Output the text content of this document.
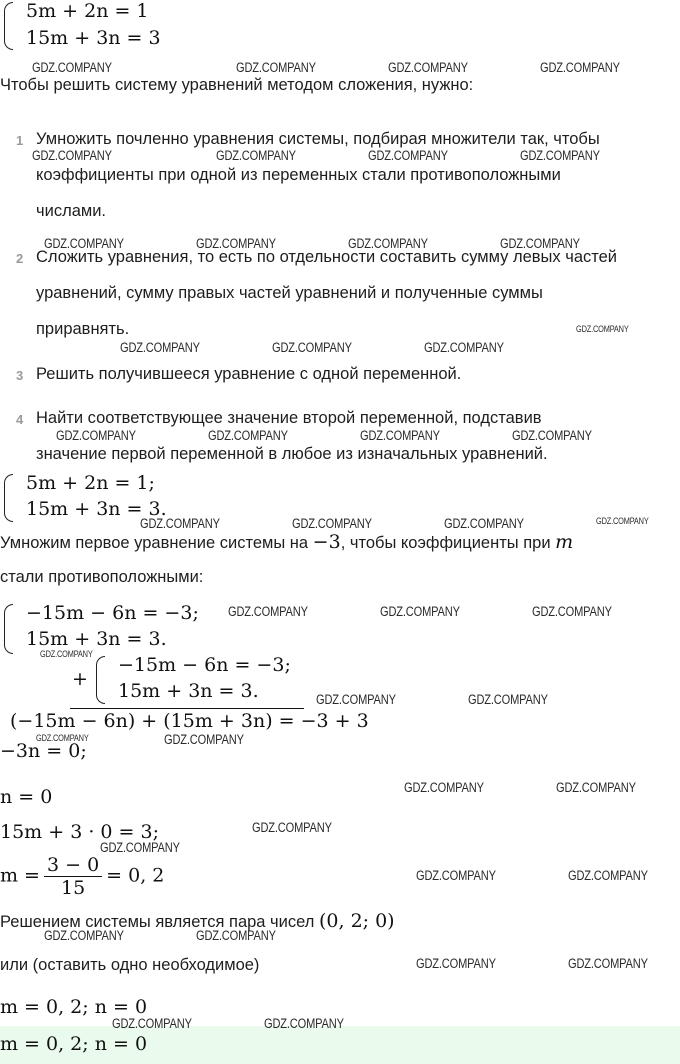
5m + 2n = 1
15m + 3n = 3
Чтобы решить систему уравнений методом сложения, нужно:
1 Умножить почленно уравнения системы, подбирая множители так, чтобы
коэффициенты при одной из переменных стали противоположными
числами.
2 Сложить уравнения, то есть по отдельности составить сумму левых частей
уравнений, сумму правых частей уравнений и полученные суммы
приравнять.
3 Решить получившееся уравнение с одной переменной.
4 Найти соответствующее значение второй переменной, подставив
значение первой переменной в любое из изначальных уравнений.
5m + 2n = 1;
15m + 3n = 3.
Умножим первое уравнение системы на −3, чтобы коэффициенты при m
стали противоположными:
−15m − 6n = −3;
15m + 3n = 3.
+
−15m − 6n = −3;
15m + 3n = 3.
(−15m − 6n) + (15m + 3n) = −3 + 3
−3n = 0;
n = 0
15m + 3 · 0 = 3;
$m = \frac{3 - 0}{15} = 0$, 2
Решением системы является пара чисел (0, 2; 0)
или (оставить одно необходимое)
m = 0, 2; n = 0
m = 0, 2; n = 0
GDZ.COMPANY	GDZ.COMPANY	GDZ.COMPANY	GDZ.COMPANY
GDZ.COMPANY	GDZ.COMPANY	GDZ.COMPANY	GDZ.COMPANY
GDZ.COMPANY	GDZ.COMPANY	GDZ.COMPANY	GDZ.COMPANY
GDZ.COMPANY
GDZ.COMPANY	GDZ.COMPANY	GDZ.COMPANY
GDZ.COMPANY	GDZ.COMPANY	GDZ.COMPANY	GDZ.COMPANY
GDZ.COMPANY	GDZ.COMPANY	GDZ.COMPANY	GDZ.COMPANY
GDZ.COMPANY	GDZ.COMPANY	GDZ.COMPANY
GDZ.COMPANY
GDZ.COMPANY	GDZ.COMPANY
GDZ.COMPANY	GDZ.COMPANY
GDZ.COMPANY	GDZ.COMPANY
GDZ.COMPANY
GDZ.COMPANY
GDZ.COMPANY	GDZ.COMPANY
GDZ.COMPANY	GDZ.COMPANY
GDZ.COMPANY	GDZ.COMPANY
GDZ.COMPANY	GDZ.COMPANY
